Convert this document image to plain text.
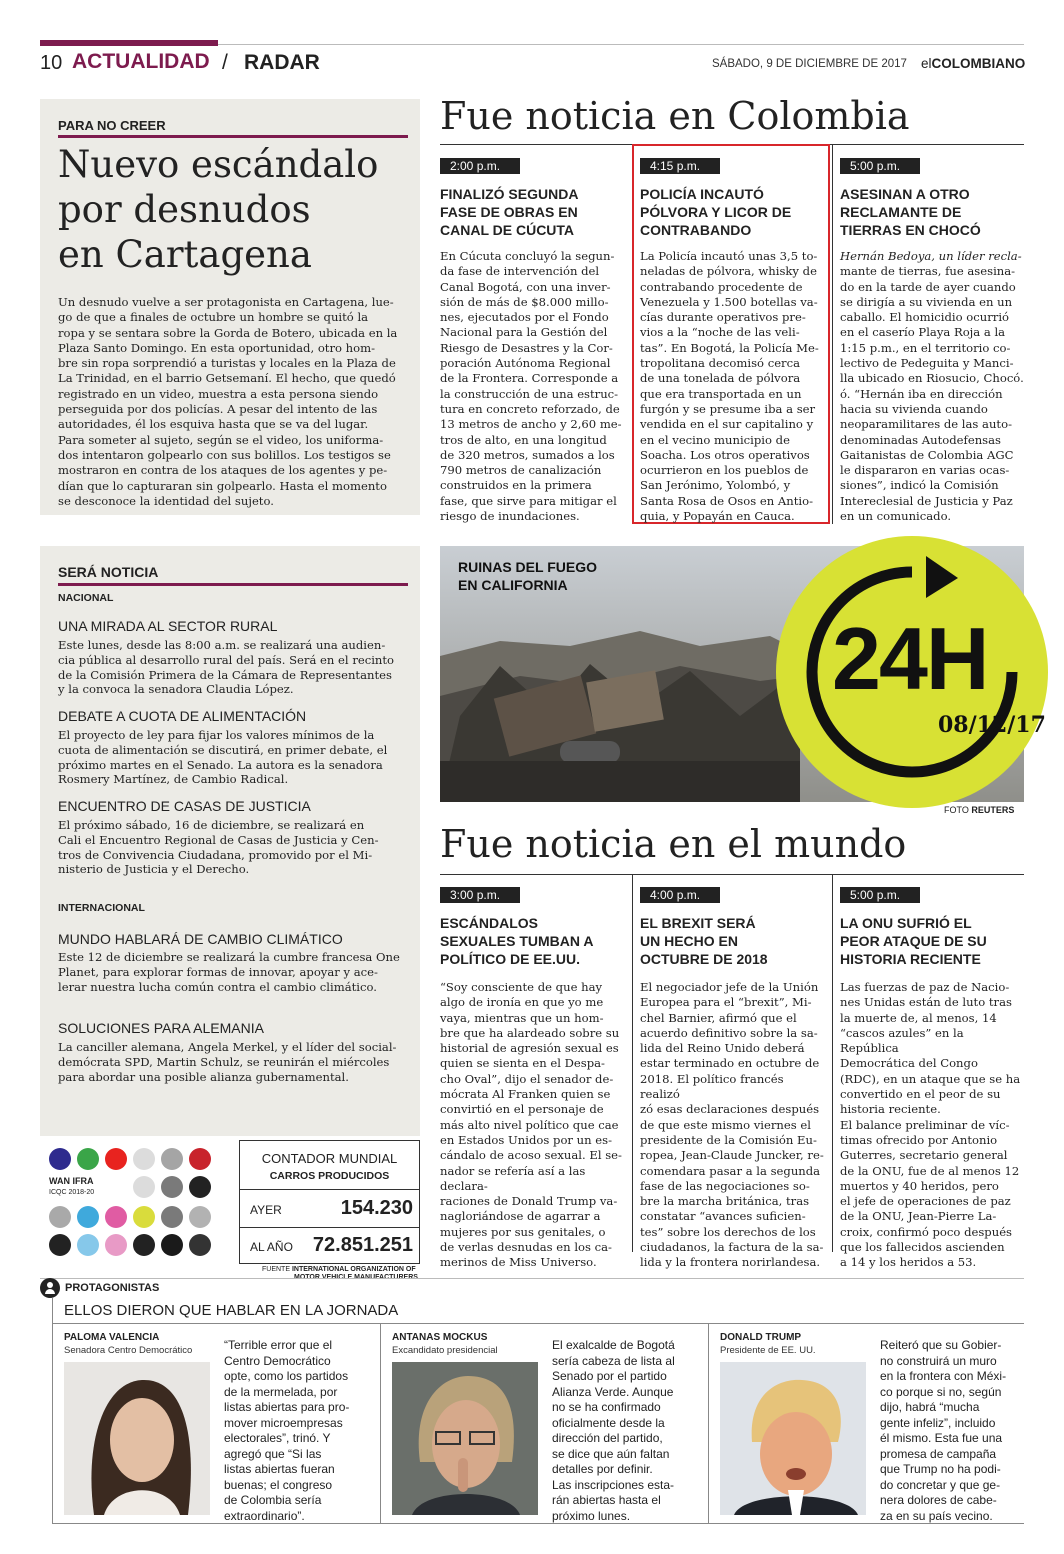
10 ACTUALIDAD / RADAR	SÁBADO, 9 DE DICIEMBRE DE 2017 elCOLOMBIANO
PARA NO CREER
Nuevo escándalo
por desnudos
en Cartagena
Un desnudo vuelve a ser protagonista en Cartagena, lue-
go de que a finales de octubre un hombre se quitó la
ropa y se sentara sobre la Gorda de Botero, ubicada en la
Plaza Santo Domingo. En esta oportunidad, otro hom-
bre sin ropa sorprendió a turistas y locales en la Plaza de
La Trinidad, en el barrio Getsemaní. El hecho, que quedó
registrado en un video, muestra a esta persona siendo
perseguida por dos policías. A pesar del intento de las
autoridades, él los esquiva hasta que se va del lugar.
Para someter al sujeto, según se el video, los uniforma-
dos intentaron golpearlo con sus bolillos. Los testigos se
mostraron en contra de los ataques de los agentes y pe-
dían que lo capturaran sin golpearlo. Hasta el momento
se desconoce la identidad del sujeto.
Fue noticia en Colombia
2:00 p.m.
FINALIZÓ SEGUNDA
FASE DE OBRAS EN
CANAL DE CÚCUTA
En Cúcuta concluyó la segun-
da fase de intervención del
Canal Bogotá, con una inver-
sión de más de $8.000 millo-
nes, ejecutados por el Fondo
Nacional para la Gestión del
Riesgo de Desastres y la Cor-
poración Autónoma Regional
de la Frontera. Corresponde a
la construcción de una estruc-
tura en concreto reforzado, de
13 metros de ancho y 2,60 me-
tros de alto, en una longitud
de 320 metros, sumados a los
790 metros de canalización
construidos en la primera
fase, que sirve para mitigar el
riesgo de inundaciones.
4:15 p.m.
POLICÍA INCAUTÓ
PÓLVORA Y LICOR DE
CONTRABANDO
La Policía incautó unas 3,5 to-
neladas de pólvora, whisky de
contrabando procedente de
Venezuela y 1.500 botellas va-
cías durante operativos pre-
vios a la “noche de las veli-
tas”. En Bogotá, la Policía Me-
tropolitana decomisó cerca
de una tonelada de pólvora
que era transportada en un
furgón y se presume iba a ser
vendida en el sur capitalino y
en el vecino municipio de
Soacha. Los otros operativos
ocurrieron en los pueblos de
San Jerónimo, Yolombó, y
Santa Rosa de Osos en Antio-
quia, y Popayán en Cauca.
5:00 p.m.
ASESINAN A OTRO
RECLAMANTE DE
TIERRAS EN CHOCÓ
Hernán Bedoya, un líder recla-
mante de tierras, fue asesina-
do en la tarde de ayer cuando
se dirigía a su vivienda en un
caballo. El homicidio ocurrió
en el caserío Playa Roja a la
1:15 p.m., en el territorio co-
lectivo de Pedeguita y Manci-
lla ubicado en Riosucio, Chocó.
ó. “Hernán iba en dirección
hacia su vivienda cuando
neoparamilitares de las auto-
denominadas Autodefensas
Gaitanistas de Colombia AGC
le dispararon en varias ocas-
siones”, indicó la Comisión
Intereclesial de Justicia y Paz
en un comunicado.
SERÁ NOTICIA
NACIONAL
UNA MIRADA AL SECTOR RURAL
Este lunes, desde las 8:00 a.m. se realizará una audien-
cia pública al desarrollo rural del país. Será en el recinto
de la Comisión Primera de la Cámara de Representantes
y la convoca la senadora Claudia López.
DEBATE A CUOTA DE ALIMENTACIÓN
El proyecto de ley para fijar los valores mínimos de la
cuota de alimentación se discutirá, en primer debate, el
próximo martes en el Senado. La autora es la senadora
Rosmery Martínez, de Cambio Radical.
ENCUENTRO DE CASAS DE JUSTICIA
El próximo sábado, 16 de diciembre, se realizará en
Cali el Encuentro Regional de Casas de Justicia y Cen-
tros de Convivencia Ciudadana, promovido por el Mi-
nisterio de Justicia y el Derecho.
INTERNACIONAL
MUNDO HABLARÁ DE CAMBIO CLIMÁTICO
Este 12 de diciembre se realizará la cumbre francesa One
Planet, para explorar formas de innovar, apoyar y ace-
lerar nuestra lucha común contra el cambio climático.
SOLUCIONES PARA ALEMANIA
La canciller alemana, Angela Merkel, y el líder del social-
demócrata SPD, Martin Schulz, se reunirán el miércoles
para abordar una posible alianza gubernamental.
RUINAS DEL FUEGO
EN CALIFORNIA
24H
08/12/17
FOTO REUTERS
Fue noticia en el mundo
3:00 p.m.
ESCÁNDALOS
SEXUALES TUMBAN A
POLÍTICO DE EE.UU.
“Soy consciente de que hay
algo de ironía en que yo me
vaya, mientras que un hom-
bre que ha alardeado sobre su
historial de agresión sexual es
quien se sienta en el Despa-
cho Oval”, dijo el senador de-
mócrata Al Franken quien se
convirtió en el personaje de
más alto nivel político que cae
en Estados Unidos por un es-
cándalo de acoso sexual. El se-
nador se refería así a las declara-
raciones de Donald Trump va-
nagloriándose de agarrar a
mujeres por sus genitales, o
de verlas desnudas en los ca-
merinos de Miss Universo.
4:00 p.m.
EL BREXIT SERÁ
UN HECHO EN
OCTUBRE DE 2018
El negociador jefe de la Unión
Europea para el “brexit”, Mi-
chel Barnier, afirmó que el
acuerdo definitivo sobre la sa-
lida del Reino Unido deberá
estar terminado en octubre de
2018. El político francés realizó
zó esas declaraciones después
de que este mismo viernes el
presidente de la Comisión Eu-
ropea, Jean-Claude Juncker, re-
comendara pasar a la segunda
fase de las negociaciones so-
bre la marcha británica, tras
constatar “avances suficien-
tes” sobre los derechos de los
ciudadanos, la factura de la sa-
lida y la frontera norirlandesa.
5:00 p.m.
LA ONU SUFRIÓ EL
PEOR ATAQUE DE SU
HISTORIA RECIENTE
Las fuerzas de paz de Nacio-
nes Unidas están de luto tras
la muerte de, al menos, 14
“cascos azules” en la República
Democrática del Congo
(RDC), en un ataque que se ha
convertido en el peor de su
historia reciente.
El balance preliminar de víc-
timas ofrecido por Antonio
Guterres, secretario general
de la ONU, fue de al menos 12
muertos y 40 heridos, pero
el jefe de operaciones de paz
de la ONU, Jean-Pierre La-
croix, confirmó poco después
que los fallecidos ascienden
a 14 y los heridos a 53.
WAN IFRA
ICQC 2018-20
CONTADOR MUNDIAL
CARROS PRODUCIDOS
AYER	154.230
AL AÑO 72.851.251
FUENTE INTERNATIONAL ORGANIZATION OF

PROTAGONISTAS
ELLOS DIERON QUE HABLAR EN LA JORNADA
PALOMA VALENCIA
Senadora Centro Democrático	“Terrible error que el
Centro Democrático
opte, como los partidos
de la mermelada, por
listas abiertas para pro-
mover microempresas
electorales”, trinó. Y
agregó que “Si las
listas abiertas fueran
buenas; el congreso
de Colombia sería
extraordinario”.
ANTANAS MOCKUS
Excandidato presidencial	El exalcalde de Bogotá
sería cabeza de lista al
Senado por el partido
Alianza Verde. Aunque
no se ha confirmado
oficialmente desde la
dirección del partido,
se dice que aún faltan
detalles por definir.
Las inscripciones esta-
rán abiertas hasta el
próximo lunes.
DONALD TRUMP
Presidente de EE. UU.	Reiteró que su Gobier-
no construirá un muro
en la frontera con Méxi-
co porque si no, según
dijo, habrá “mucha
gente infeliz”, incluido
él mismo. Esta fue una
promesa de campaña
que Trump no ha podi-
do concretar y que ge-
nera dolores de cabe-
za en su país vecino.
